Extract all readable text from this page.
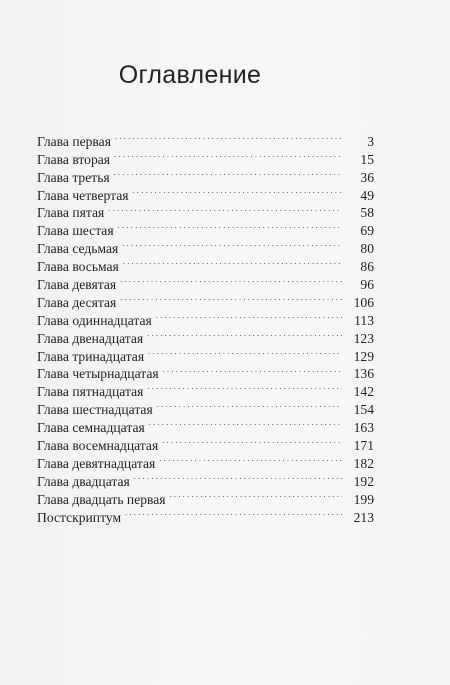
Оглавление
Глава первая . . .	3
Глава вторая . . .	15
Глава третья . . .	36
Глава четвертая . . .	49
Глава пятая . . .	58
Глава шестая . . .	69
Глава седьмая . . .	80
Глава восьмая . . .	86
Глава девятая . . .	96
Глава десятая . . .	106
Глава одиннадцатая . . .	113
Глава двенадцатая . . .	123
Глава тринадцатая . . .	129
Глава четырнадцатая . . .	136
Глава пятнадцатая . . .	142
Глава шестнадцатая . . .	154
Глава семнадцатая . . .	163
Глава восемнадцатая . . .	171
Глава девятнадцатая . . .	182
Глава двадцатая . . .	192
Глава двадцать первая . . .	199
Постскриптум . . .	213
